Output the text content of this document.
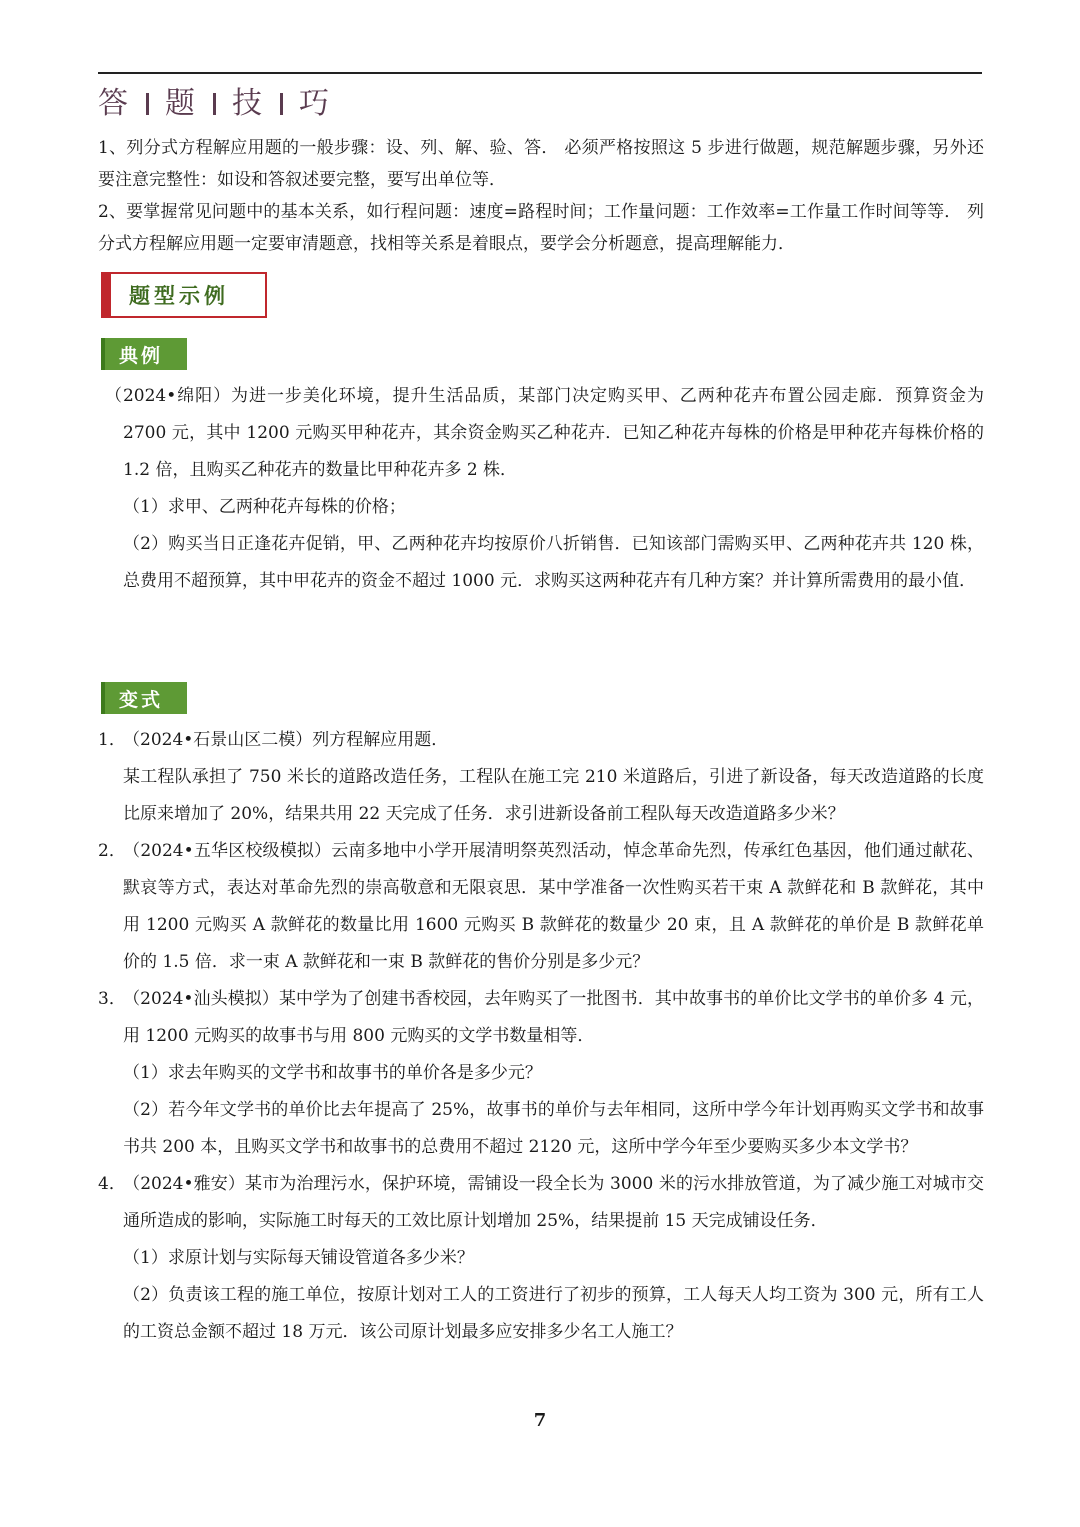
答 题 技 巧

1、列分式方程解应用题的一般步骤：设、列、解、验、答． 必须严格按照这 5 步进行做题，规范解题步骤，另外还要注意完整性：如设和答叙述要完整，要写出单位等．

2、要掌握常见问题中的基本关系，如行程问题：速度=路程时间；工作量问题：工作效率=工作量工作时间等等． 列分式方程解应用题一定要审清题意，找相等关系是着眼点，要学会分析题意，提高理解能力．

题型示例
典例

（2024•绵阳）为进一步美化环境，提升生活品质，某部门决定购买甲、乙两种花卉布置公园走廊．预算资金为 2700 元，其中 1200 元购买甲种花卉，其余资金购买乙种花卉．已知乙种花卉每株的价格是甲种花卉每株价格的 1.2 倍，且购买乙种花卉的数量比甲种花卉多 2 株．

（1）求甲、乙两种花卉每株的价格；

（2）购买当日正逢花卉促销，甲、乙两种花卉均按原价八折销售．已知该部门需购买甲、乙两种花卉共 120 株，总费用不超预算，其中甲花卉的资金不超过 1000 元．求购买这两种花卉有几种方案？并计算所需费用的最小值．

变式
1．（2024•石景山区二模）列方程解应用题．

某工程队承担了 750 米长的道路改造任务，工程队在施工完 210 米道路后，引进了新设备，每天改造道路的长度比原来增加了 20%，结果共用 22 天完成了任务．求引进新设备前工程队每天改造道路多少米？

2．（2024•五华区校级模拟）云南多地中小学开展清明祭英烈活动，悼念革命先烈，传承红色基因，他们通过献花、默哀等方式，表达对革命先烈的崇高敬意和无限哀思．某中学准备一次性购买若干束 A 款鲜花和 B 款鲜花，其中用 1200 元购买 A 款鲜花的数量比用 1600 元购买 B 款鲜花的数量少 20 束，且 A 款鲜花的单价是 B 款鲜花单价的 1.5 倍．求一束 A 款鲜花和一束 B 款鲜花的售价分别是多少元？

3．（2024•汕头模拟）某中学为了创建书香校园，去年购买了一批图书．其中故事书的单价比文学书的单价多 4 元，用 1200 元购买的故事书与用 800 元购买的文学书数量相等．

（1）求去年购买的文学书和故事书的单价各是多少元？

（2）若今年文学书的单价比去年提高了 25%，故事书的单价与去年相同，这所中学今年计划再购买文学书和故事书共 200 本，且购买文学书和故事书的总费用不超过 2120 元，这所中学今年至少要购买多少本文学书？

4．（2024•雅安）某市为治理污水，保护环境，需铺设一段全长为 3000 米的污水排放管道，为了减少施工对城市交通所造成的影响，实际施工时每天的工效比原计划增加 25%，结果提前 15 天完成铺设任务．

（1）求原计划与实际每天铺设管道各多少米？

（2）负责该工程的施工单位，按原计划对工人的工资进行了初步的预算，工人每天人均工资为 300 元，所有工人的工资总金额不超过 18 万元．该公司原计划最多应安排多少名工人施工？

7
